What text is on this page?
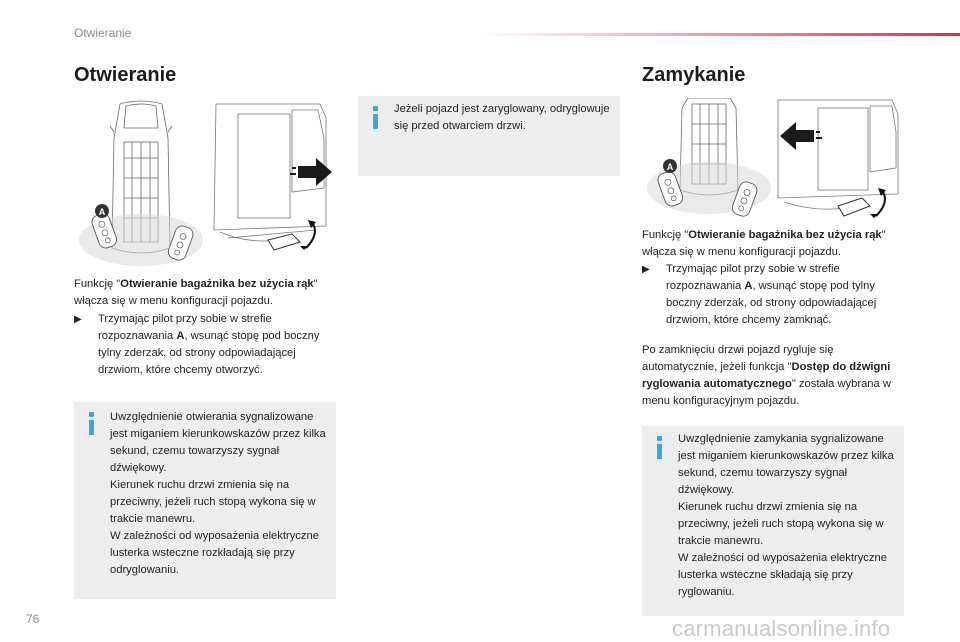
Otwieranie
Otwieranie
A
Funkcję "Otwieranie bagażnika bez użycia rąk" włącza się w menu konfiguracji pojazdu.
▶	Trzymając pilot przy sobie w strefie rozpoznawania A, wsunąć stopę pod boczny tylny zderzak, od strony odpowiadającej drzwiom, które chcemy otworzyć.
Uwzględnienie otwierania sygnalizowane jest miganiem kierunkowskazów przez kilka sekund, czemu towarzyszy sygnał dźwiękowy.
Kierunek ruchu drzwi zmienia się na przeciwny, jeżeli ruch stopą wykona się w trakcie manewru.
W zależności od wyposażenia elektryczne lusterka wsteczne rozkładają się przy odryglowaniu.
Jeżeli pojazd jest zaryglowany, odryglowuje się przed otwarciem drzwi.
Zamykanie
A
Funkcję "Otwieranie bagażnika bez użycia rąk" włącza się w menu konfiguracji pojazdu.
▶	Trzymając pilot przy sobie w strefie rozpoznawania A, wsunąć stopę pod tylny boczny zderzak, od strony odpowiadającej drzwiom, które chcemy zamknąć.
Po zamknięciu drzwi pojazd rygluje się automatycznie, jeżeli funkcja "Dostęp do dźwigni ryglowania automatycznego" została wybrana w menu konfiguracyjnym pojazdu.
Uwzględnienie zamykania sygnalizowane jest miganiem kierunkowskazów przez kilka sekund, czemu towarzyszy sygnał dźwiękowy.
Kierunek ruchu drzwi zmienia się na przeciwny, jeżeli ruch stopą wykona się w trakcie manewru.
W zależności od wyposażenia elektryczne lusterka wsteczne składają się przy ryglowaniu.
76	carmanualsonline.info
